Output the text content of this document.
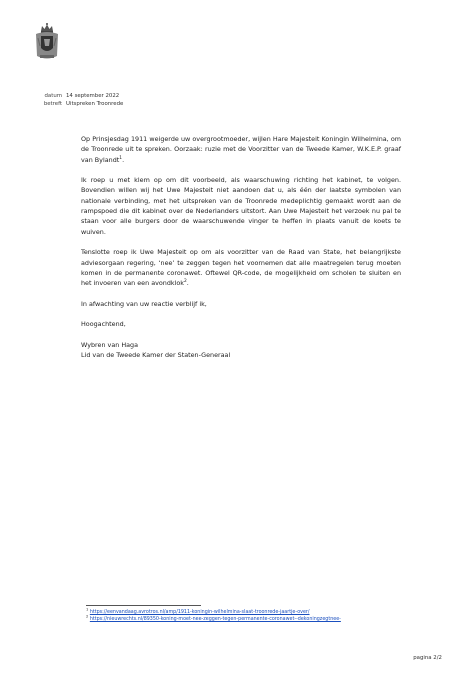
datum 14 september 2022
betreft Uitspreken Troonrede

Op Prinsjesdag 1911 weigerde uw overgrootmoeder, wijlen Hare Majesteit Koningin Wilhelmina, om de Troonrede uit te spreken. Oorzaak: ruzie met de Voorzitter van de Tweede Kamer, W.K.E.P. graaf van Bylandt$^1$.

Ik roep u met klem op om dit voorbeeld, als waarschuwing richting het kabinet, te volgen. Bovendien willen wij het Uwe Majesteit niet aandoen dat u, als één der laatste symbolen van nationale verbinding, met het uitspreken van de Troonrede medeplichtig gemaakt wordt aan de rampspoed die dit kabinet over de Nederlanders uitstort. Aan Uwe Majesteit het verzoek nu pal te staan voor alle burgers door de waarschuwende vinger te heffen in plaats vanuit de koets te wuiven.

Tenslotte roep ik Uwe Majesteit op om als voorzitter van de Raad van State, het belangrijkste adviesorgaan regering, ‘nee’ te zeggen tegen het voornemen dat alle maatregelen terug moeten komen in de permanente coronawet. Oftewel QR-code, de mogelijkheid om scholen te sluiten en het invoeren van een avondklok$^2$.

In afwachting van uw reactie verblijf ik,

Hoogachtend,

Wybren van Haga

Lid van de Tweede Kamer der Staten-Generaal

$^1$ https://eenvandaag.avrotros.nl/amp/1911-koningin-wilhelmina-slaat-troonrede-jaartje-over/
$^2$ https://nieuwrechts.nl/89350-koning-moet-nee-zeggen-tegen-permanente-coronawet--dekoningzegtnee-
pagina 2/2
